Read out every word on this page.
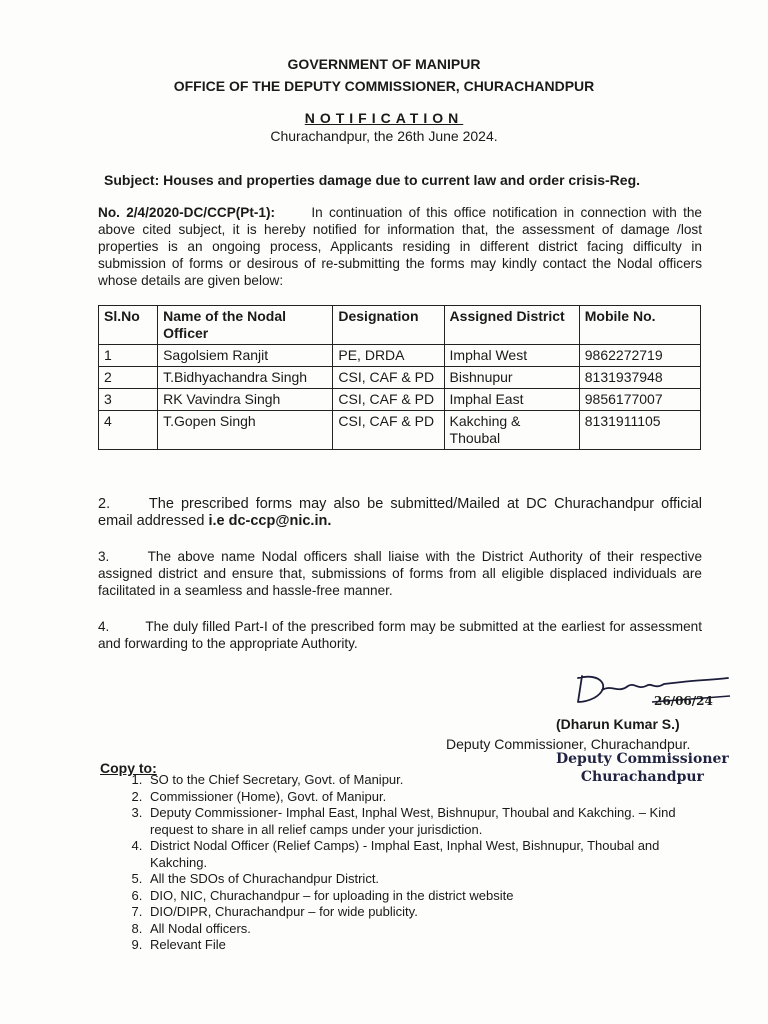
GOVERNMENT OF MANIPUR
OFFICE OF THE DEPUTY COMMISSIONER, CHURACHANDPUR
NOTIFICATION
Churachandpur, the 26th June 2024.
Subject: Houses and properties damage due to current law and order crisis-Reg.
No. 2/4/2020-DC/CCP(Pt-1):	In continuation of this office notification in connection with the above cited subject, it is hereby notified for information that, the assessment of damage /lost properties is an ongoing process, Applicants residing in different district facing difficulty in submission of forms or desirous of re-submitting the forms may kindly contact the Nodal officers whose details are given below:
Sl.No	Name of the Nodal Officer	Designation	Assigned District	Mobile No.
1	Sagolsiem Ranjit	PE, DRDA	Imphal West	9862272719
2	T.Bidhyachandra Singh	CSI, CAF & PD	Bishnupur	8131937948
3	RK Vavindra Singh	CSI, CAF & PD	Imphal East	9856177007
4	T.Gopen Singh	CSI, CAF & PD	Kakching & Thoubal	8131911105
2.	The prescribed forms may also be submitted/Mailed at DC Churachandpur official email addressed i.e dc-ccp@nic.in.
3.	The above name Nodal officers shall liaise with the District Authority of their respective assigned district and ensure that, submissions of forms from all eligible displaced individuals are facilitated in a seamless and hassle-free manner.
4.	The duly filled Part-I of the prescribed form may be submitted at the earliest for assessment and forwarding to the appropriate Authority.
26/06/24
(Dharun Kumar S.)
Deputy Commissioner, Churachandpur.
Deputy Commissioner
Churachandpur
Copy to:
1. SO to the Chief Secretary, Govt. of Manipur.
2. Commissioner (Home), Govt. of Manipur.
3. Deputy Commissioner- Imphal East, Inphal West, Bishnupur, Thoubal and Kakching. – Kind request to share in all relief camps under your jurisdiction.
4. District Nodal Officer (Relief Camps) - Imphal East, Inphal West, Bishnupur, Thoubal and Kakching.
5. All the SDOs of Churachandpur District.
6. DIO, NIC, Churachandpur – for uploading in the district website
7. DIO/DIPR, Churachandpur – for wide publicity.
8. All Nodal officers.
9. Relevant File
